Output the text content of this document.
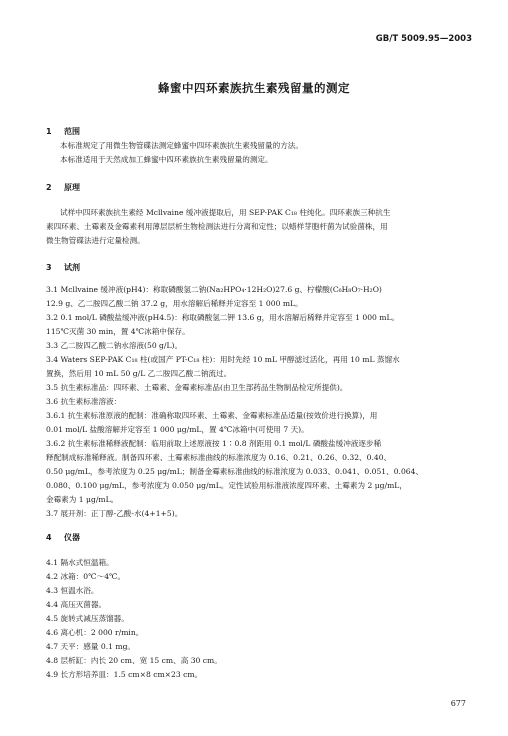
GB/T 5009.95—2003
蜂蜜中四环素族抗生素残留量的测定
1 范围
本标准规定了用微生物管碟法测定蜂蜜中四环素族抗生素残留量的方法。
本标准适用于天然成加工蜂蜜中四环素族抗生素残留量的测定。
2 原理
试样中四环素族抗生素经 Mcllvaine 缓冲液提取后，用 SEP-PAK C₁₈ 柱纯化。四环素族三种抗生
素四环素、土霉素及金霉素利用薄层层析生物检测法进行分离和定性；以蜡样芽胞杆菌为试验菌株，用
微生物管碟法进行定量检测。
3 试剂
3.1 Mcllvaine 缓冲液(pH4)：称取磷酸氢二钠(Na₂HPO₄·12H₂O)27.6 g、柠檬酸(C₆H₈O₇·H₂O)
12.9 g、乙二胺四乙酸二钠 37.2 g，用水溶解后稀释并定容至 1 000 mL。
3.2 0.1 mol/L 磷酸盐缓冲液(pH4.5)：称取磷酸氢二钾 13.6 g，用水溶解后稀释并定容至 1 000 mL。
115℃灭菌 30 min，置 4℃冰箱中保存。
3.3 乙二胺四乙酸二钠水溶液(50 g/L)。
3.4 Waters SEP-PAK C₁₈ 柱(或国产 PT-C₁₈ 柱)：用时先经 10 mL 甲醇滤过活化，再用 10 mL 蒸馏水
置换，然后用 10 mL 50 g/L 乙二胺四乙酸二钠流过。
3.5 抗生素标准品：四环素、土霉素、金霉素标准品(由卫生部药品生物制品检定所提供)。
3.6 抗生素标准溶液：
3.6.1 抗生素标准原液的配制：准确称取四环素、土霉素、金霉素标准品适量(按效价进行换算)，用
0.01 mol/L 盐酸溶解并定容至 1 000 μg/mL，置 4℃冰箱中(可使用 7 天)。
3.6.2 抗生素标准稀释液配制：临用前取上述原液按 1∶0.8 剂距用 0.1 mol/L 磷酸盐缓冲液逐步稀
释配制成标准稀释液。制备四环素、土霉素标准曲线的标准浓度为 0.16、0.21、0.26、0.32、0.40、
0.50 μg/mL，参考浓度为 0.25 μg/mL；制备金霉素标准曲线的标准浓度为 0.033、0.041、0.051、0.064、
0.080、0.100 μg/mL，参考浓度为 0.050 μg/mL。定性试验用标准液浓度四环素、土霉素为 2 μg/mL，
金霉素为 1 μg/mL。
3.7 展开剂：正丁醇-乙酸-水(4+1+5)。
4 仪器
4.1 隔水式恒温箱。
4.2 冰箱：0℃～4℃。
4.3 恒温水浴。
4.4 高压灭菌器。
4.5 旋转式减压蒸馏器。
4.6 离心机：2 000 r/min。
4.7 天平：感量 0.1 mg。
4.8 层析缸：内长 20 cm、宽 15 cm、高 30 cm。
4.9 长方形培养皿：1.5 cm×8 cm×23 cm。
677
